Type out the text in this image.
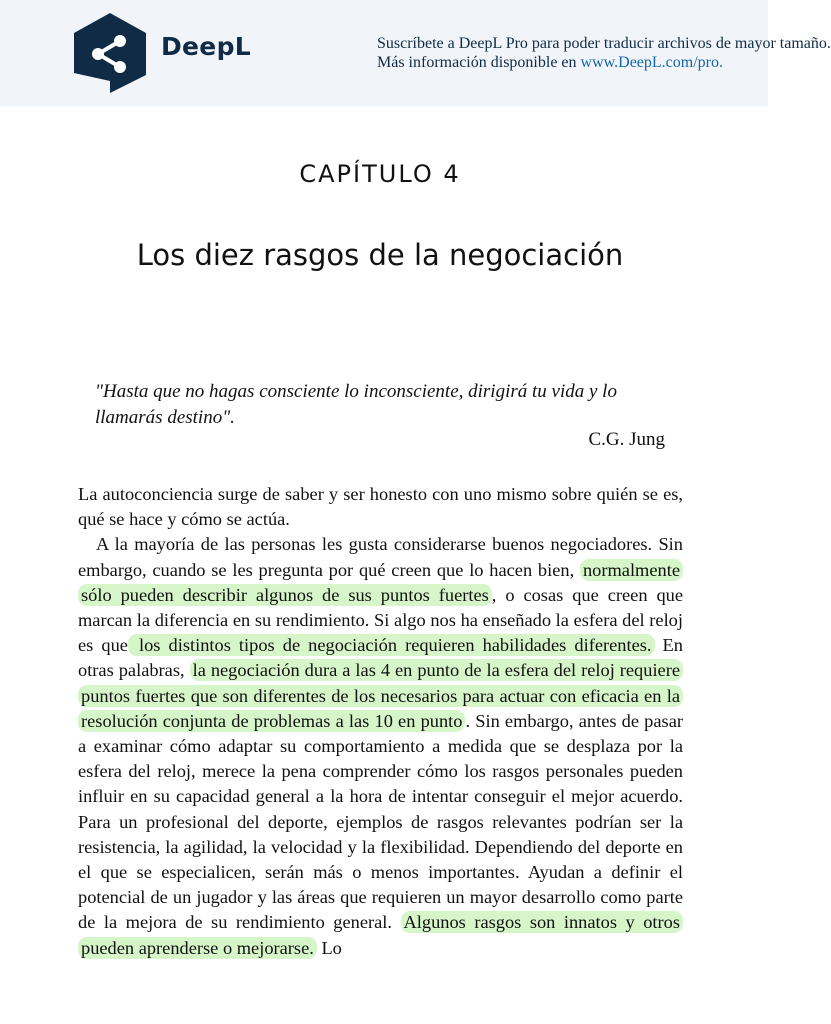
DeepL	Suscríbete a DeepL Pro para poder traducir archivos de mayor tamaño.
Más información disponible en www.DeepL.com/pro.
CAPÍTULO 4
Los diez rasgos de la negociación
"Hasta que no hagas consciente lo inconsciente, dirigirá tu vida y lo llamarás destino".
C.G. Jung

La autoconciencia surge de saber y ser honesto con uno mismo sobre quién se es, qué se hace y cómo se actúa.

A la mayoría de las personas les gusta considerarse buenos negociadores. Sin embargo, cuando se les pregunta por qué creen que lo hacen bien, normalmente sólo pueden describir algunos de sus puntos fuertes , o cosas que creen que marcan la diferencia en su rendimiento. Si algo nos ha enseñado la esfera del reloj es que los distintos tipos de negociación requieren habilidades diferentes. En otras palabras, la negociación dura a las 4 en punto de la esfera del reloj requiere puntos fuertes que son diferentes de los necesarios para actuar con eficacia en la resolución conjunta de problemas a las 10 en punto . Sin embargo, antes de pasar a examinar cómo adaptar su comportamiento a medida que se desplaza por la esfera del reloj, merece la pena comprender cómo los rasgos personales pueden influir en su capacidad general a la hora de intentar conseguir el mejor acuerdo. Para un profesional del deporte, ejemplos de rasgos relevantes podrían ser la resistencia, la agilidad, la velocidad y la flexibilidad. Dependiendo del deporte en el que se especialicen, serán más o menos importantes. Ayudan a definir el potencial de un jugador y las áreas que requieren un mayor desarrollo como parte de la mejora de su rendimiento general. Algunos rasgos son innatos y otros pueden aprenderse o mejorarse. Lo
